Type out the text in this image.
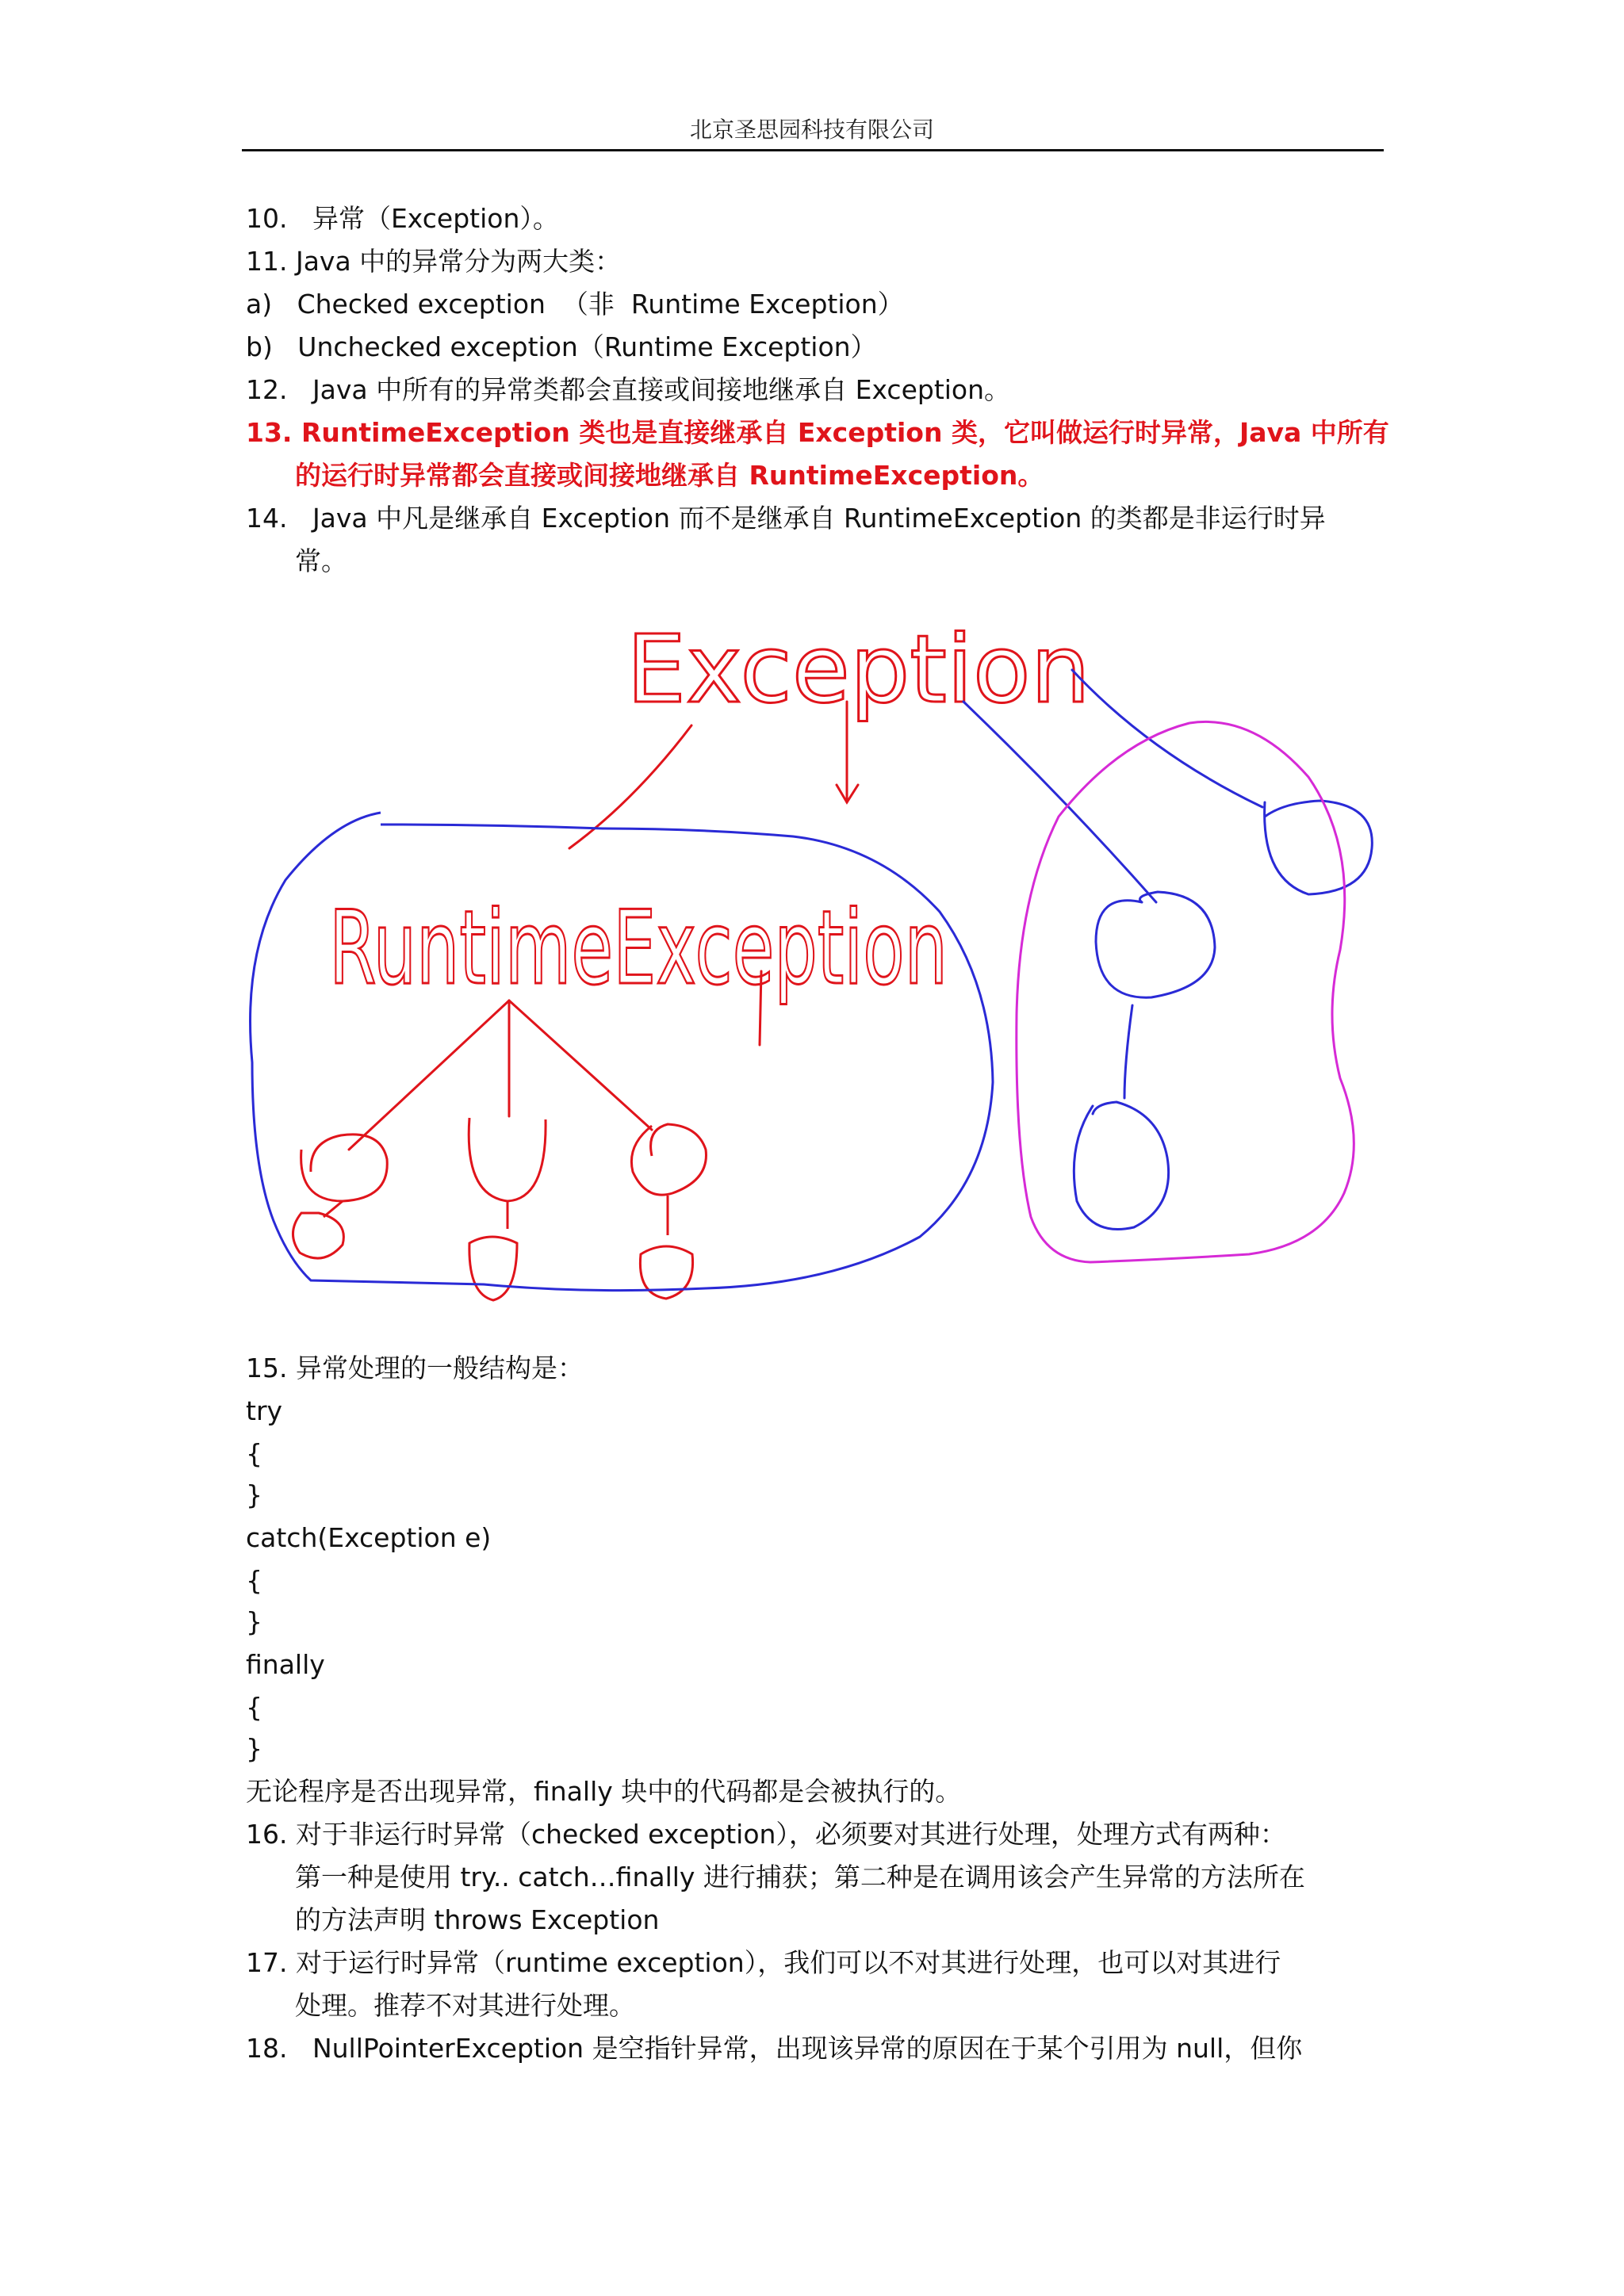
北京圣思园科技有限公司
10.   异常（Exception）。
11. Java 中的异常分为两大类：
a)   Checked exception  （非  Runtime Exception）
b)   Unchecked exception（Runtime Exception）
12.   Java 中所有的异常类都会直接或间接地继承自 Exception。
13. RuntimeException 类也是直接继承自 Exception 类，它叫做运行时异常，Java 中所有
的运行时异常都会直接或间接地继承自 RuntimeException。
14.   Java 中凡是继承自 Exception 而不是继承自 RuntimeException 的类都是非运行时异
常。
Exception
RuntimeException
15. 异常处理的一般结构是：
try
{
}
catch(Exception e)
{
}
finally
{
}
无论程序是否出现异常，finally 块中的代码都是会被执行的。
16. 对于非运行时异常（checked exception），必须要对其进行处理，处理方式有两种：
第一种是使用 try.. catch…finally 进行捕获；第二种是在调用该会产生异常的方法所在
的方法声明 throws Exception
17. 对于运行时异常（runtime exception），我们可以不对其进行处理，也可以对其进行
处理。推荐不对其进行处理。
18.   NullPointerException 是空指针异常，出现该异常的原因在于某个引用为 null，但你
